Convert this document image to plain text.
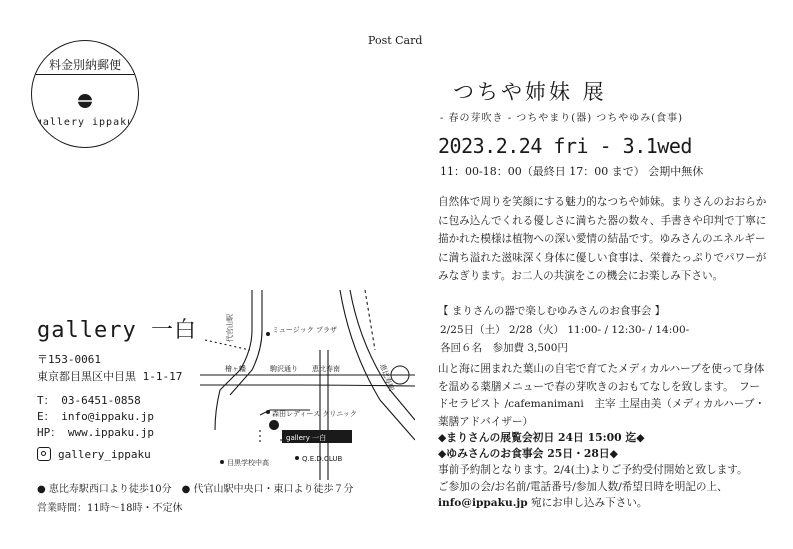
Post Card
料金別納郵便
gallery ippaku
つちや姉妹 展
- 春の芽吹き - つちやまり(器) つちやゆみ(食事)
2023.2.24 fri - 3.1wed
11：00-18：00（最終日 17：00 まで） 会期中無休
自然体で周りを笑顔にする魅力的なつちや姉妹。まりさんのおおらかに包み込んでくれる優しさに満ちた器の数々、手書きや印判で丁寧に描かれた模様は植物への深い愛情の結晶です。ゆみさんのエネルギーに満ち溢れた滋味深く身体に優しい食事は、栄養たっぷりでパワーがみなぎります。お二人の共演をこの機会にお楽しみ下さい。
【 まりさんの器で楽しむゆみさんのお食事会 】
2/25日（土） 2/28（火） 11:00- / 12:30- / 14:00-
各回６名　参加費 3,500円
山と海に囲まれた葉山の自宅で育てたメディカルハーブを使って身体を温める薬膳メニューで春の芽吹きのおもてなしを致します。　フードセラピスト /cafemanimani　主宰 土屋由美（メディカルハーブ・薬膳アドバイザー）
◆まりさんの展覧会初日 24日 15:00 迄◆
◆ゆみさんのお食事会 25日・28日◆
事前予約制となります。2/4(土)よりご予約受付開始と致します。
ご参加の会/お名前/電話番号/参加人数/希望日時を明記の上、
info@ippaku.jp 宛にお申し込み下さい。
gallery 一白
〒153-0061
東京都目黒区中目黒 1-1-17
T： 03-6451-0858
E： info@ippaku.jp
HP： www.ippaku.jp
gallery_ippaku
● 恵比寿駅西口より徒歩10分　● 代官山駅中央口・東口より徒歩７分
営業時間：11時〜18時・不定休
代官山駅	ミュージック プラザ
檜ヶ幡	駒沢通り 恵比寿南	恵比寿駅
森田レディース クリニック
gallery 一白
目黒学校中高	Q.E.D.CLUB
